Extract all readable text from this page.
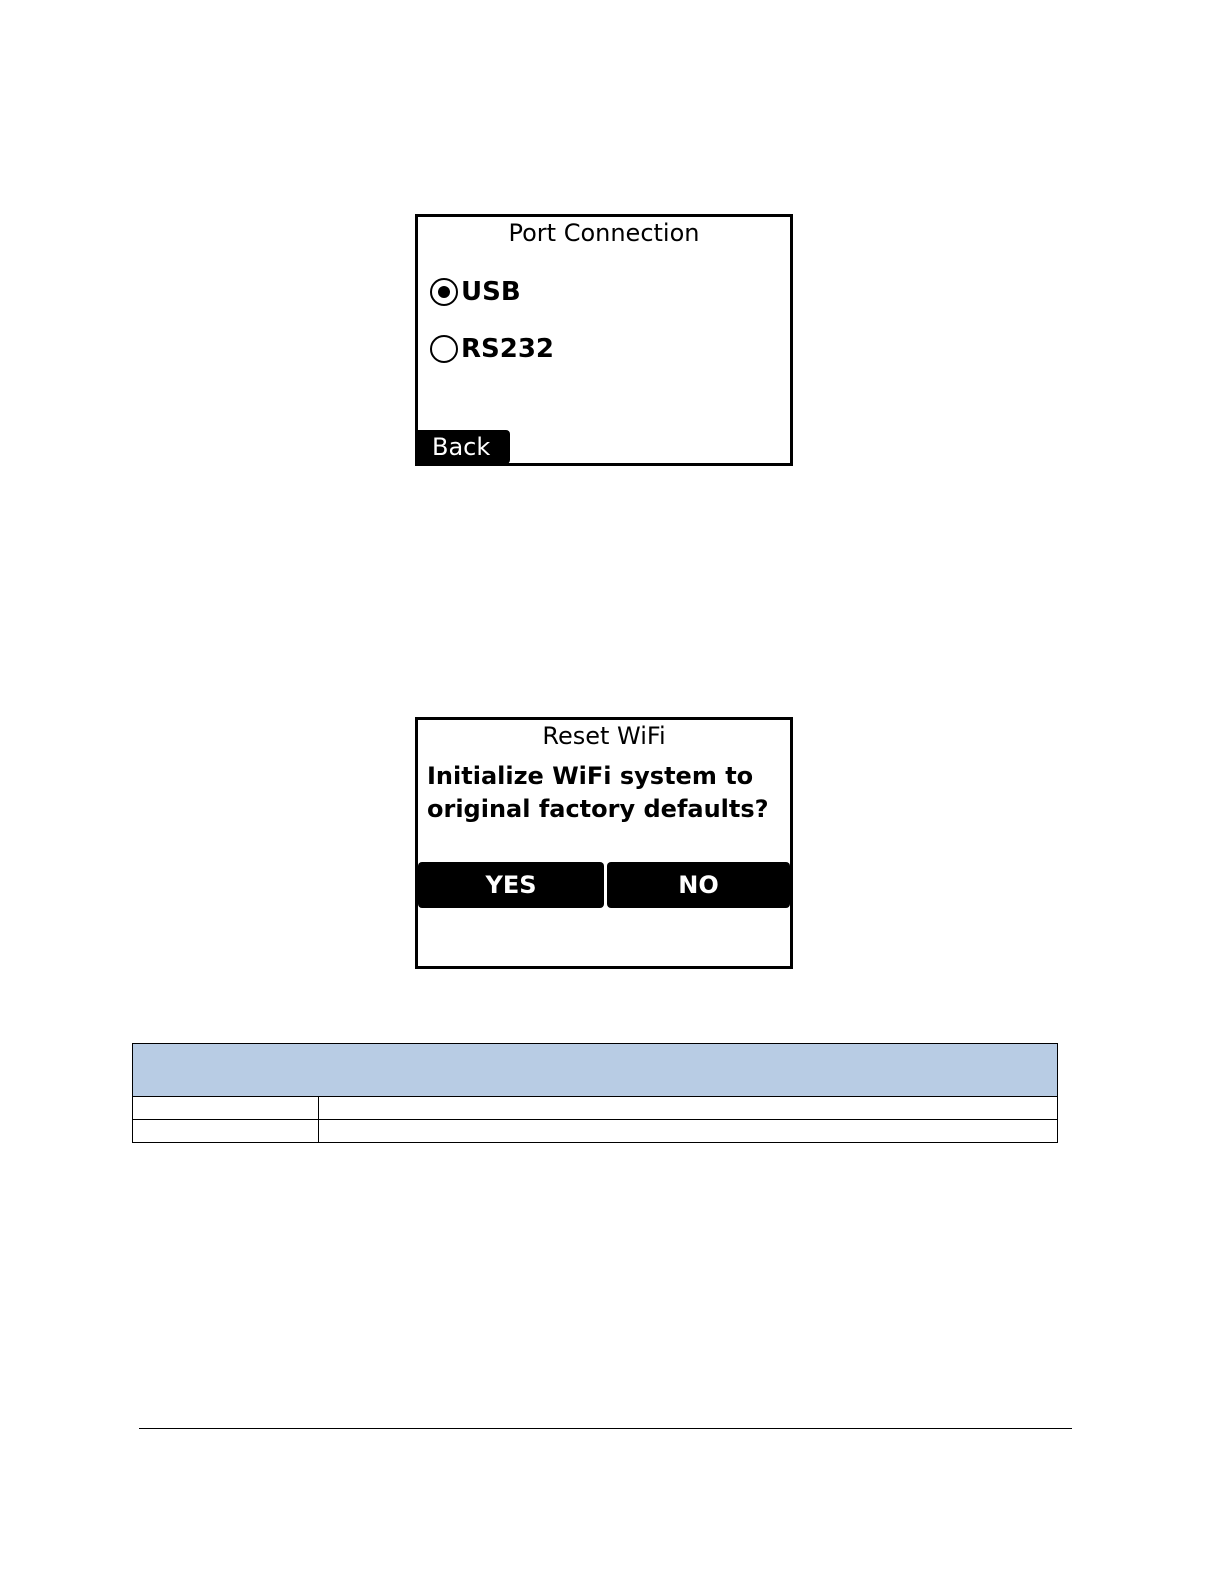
Port Connection
USB
RS232
Back
Reset WiFi
Initialize WiFi system to
original factory defaults?
YES	NO
